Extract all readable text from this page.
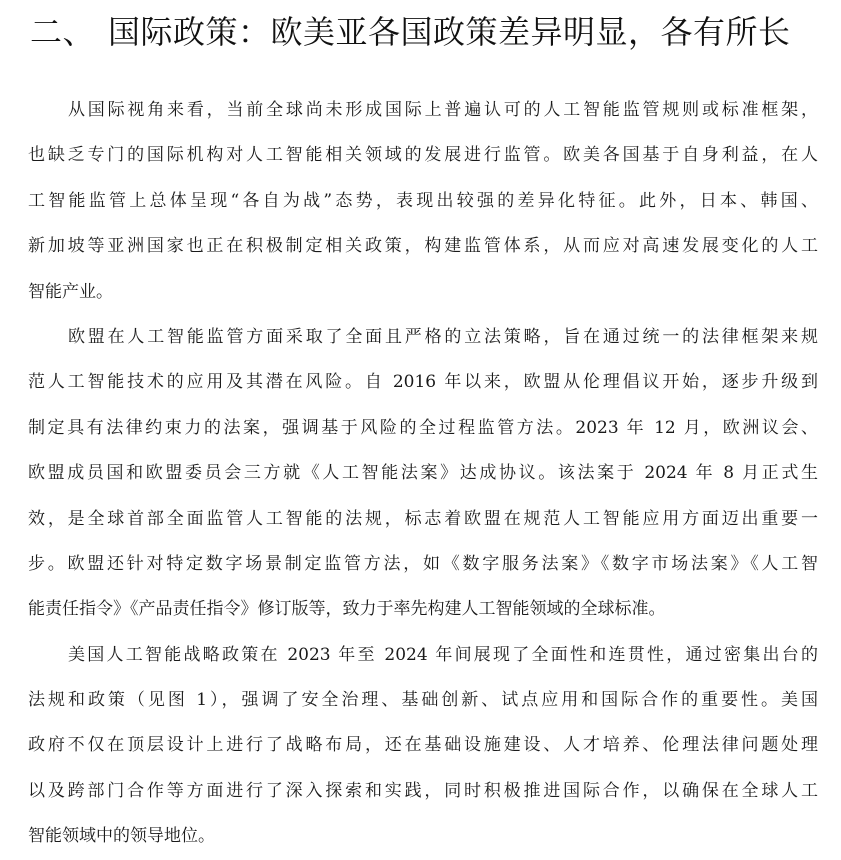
二、 国际政策：欧美亚各国政策差异明显，各有所长
从国际视角来看，当前全球尚未形成国际上普遍认可的人工智能监管规则或标准框架，
也缺乏专门的国际机构对人工智能相关领域的发展进行监管。欧美各国基于自身利益，在人
工智能监管上总体呈现“各自为战”态势，表现出较强的差异化特征。此外，日本、韩国、
新加坡等亚洲国家也正在积极制定相关政策，构建监管体系，从而应对高速发展变化的人工
智能产业。
欧盟在人工智能监管方面采取了全面且严格的立法策略，旨在通过统一的法律框架来规
范人工智能技术的应用及其潜在风险。自 2016 年以来，欧盟从伦理倡议开始，逐步升级到
制定具有法律约束力的法案，强调基于风险的全过程监管方法。2023 年 12 月，欧洲议会、
欧盟成员国和欧盟委员会三方就《人工智能法案》达成协议。该法案于 2024 年 8 月正式生
效，是全球首部全面监管人工智能的法规，标志着欧盟在规范人工智能应用方面迈出重要一
步。欧盟还针对特定数字场景制定监管方法，如《数字服务法案》《数字市场法案》《人工智
能责任指令》《产品责任指令》修订版等，致力于率先构建人工智能领域的全球标准。
美国人工智能战略政策在 2023 年至 2024 年间展现了全面性和连贯性，通过密集出台的
法规和政策（见图 1），强调了安全治理、基础创新、试点应用和国际合作的重要性。美国
政府不仅在顶层设计上进行了战略布局，还在基础设施建设、人才培养、伦理法律问题处理
以及跨部门合作等方面进行了深入探索和实践，同时积极推进国际合作，以确保在全球人工
智能领域中的领导地位。
